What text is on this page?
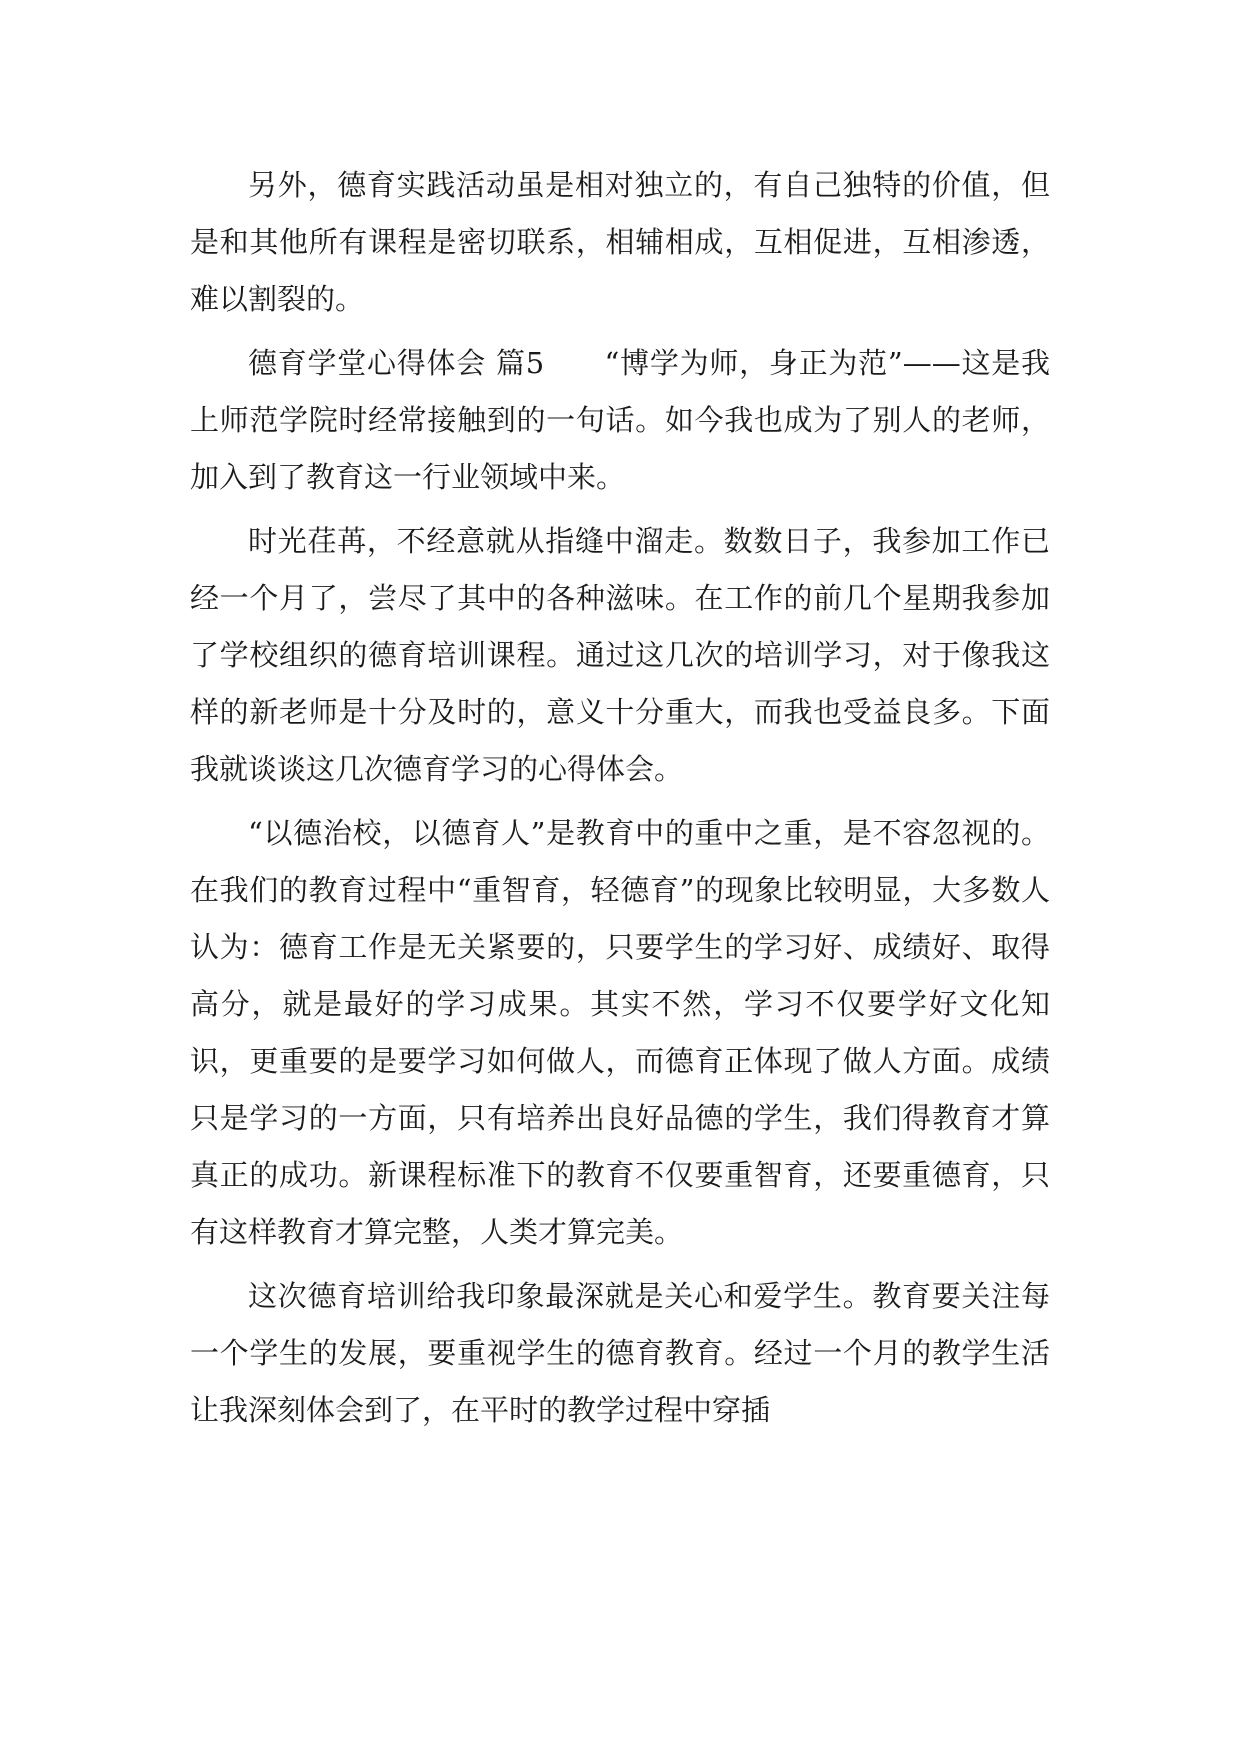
另外，德育实践活动虽是相对独立的，有自己独特的价值，但是和其他所有课程是密切联系，相辅相成，互相促进，互相渗透，难以割裂的。

德育学堂心得体会 篇5　　“博学为师，身正为范”——这是我上师范学院时经常接触到的一句话。如今我也成为了别人的老师，加入到了教育这一行业领域中来。

时光荏苒，不经意就从指缝中溜走。数数日子，我参加工作已经一个月了，尝尽了其中的各种滋味。在工作的前几个星期我参加了学校组织的德育培训课程。通过这几次的培训学习，对于像我这样的新老师是十分及时的，意义十分重大，而我也受益良多。下面我就谈谈这几次德育学习的心得体会。

“以德治校，以德育人”是教育中的重中之重，是不容忽视的。在我们的教育过程中“重智育，轻德育”的现象比较明显，大多数人认为：德育工作是无关紧要的，只要学生的学习好、成绩好、取得高分，就是最好的学习成果。其实不然，学习不仅要学好文化知识，更重要的是要学习如何做人，而德育正体现了做人方面。成绩只是学习的一方面，只有培养出良好品德的学生，我们得教育才算真正的成功。新课程标准下的教育不仅要重智育，还要重德育，只有这样教育才算完整，人类才算完美。

这次德育培训给我印象最深就是关心和爱学生。教育要关注每一个学生的发展，要重视学生的德育教育。经过一个月的教学生活让我深刻体会到了，在平时的教学过程中穿插
